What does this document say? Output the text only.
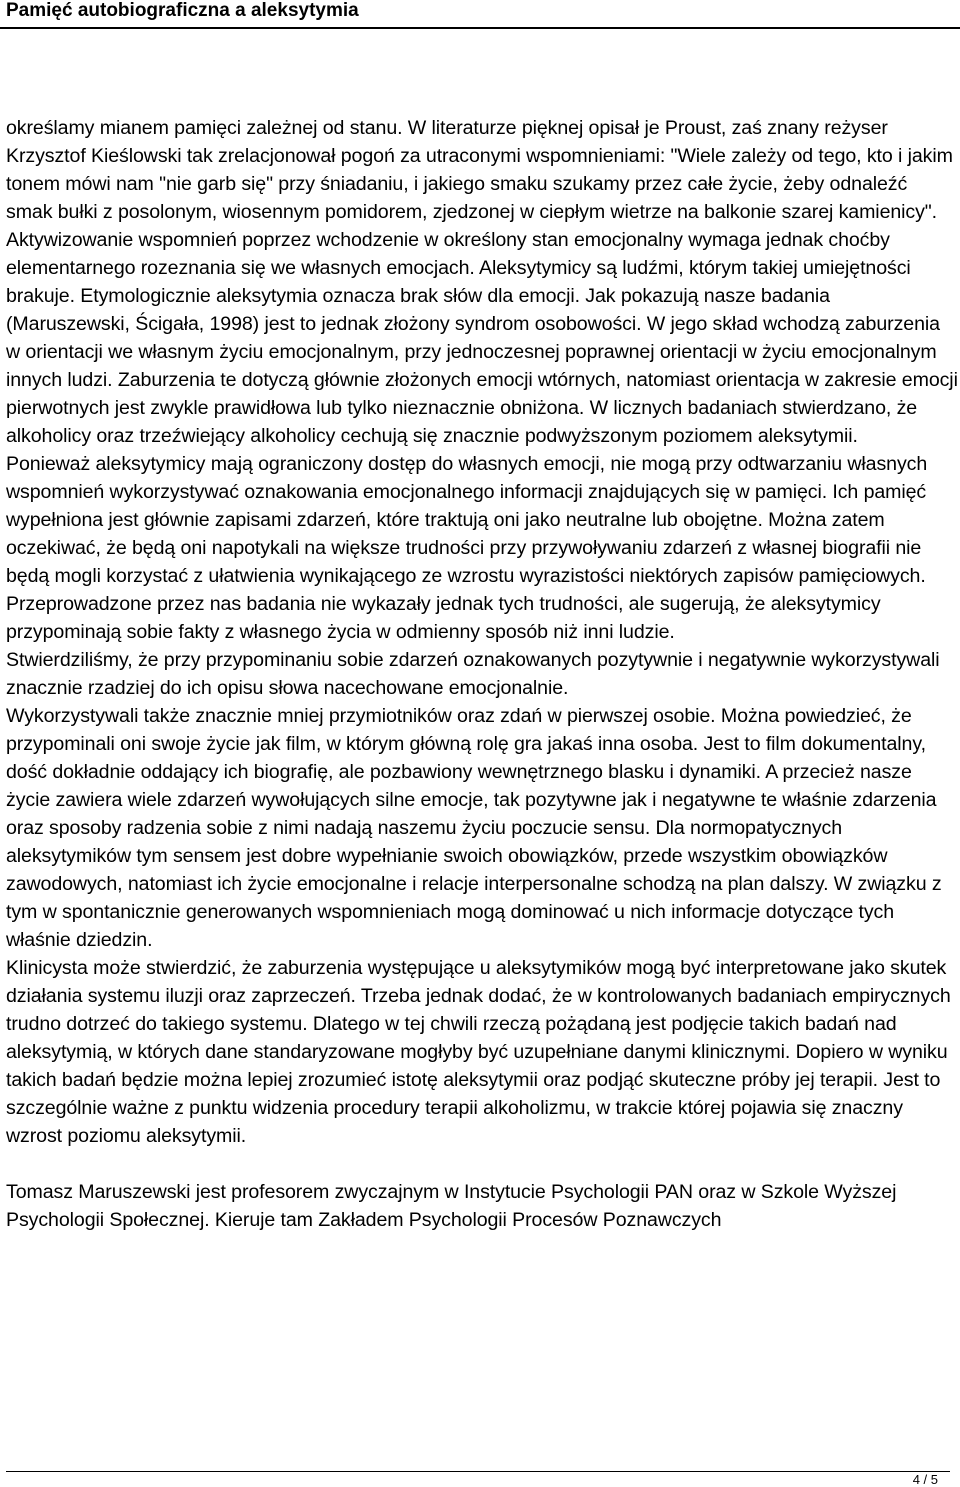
Pamięć autobiograficzna a aleksytymia

określamy mianem pamięci zależnej od stanu. W literaturze pięknej opisał je Proust, zaś znany reżyser Krzysztof Kieślowski tak zrelacjonował pogoń za utraconymi wspomnieniami: "Wiele zależy od tego, kto i jakim tonem mówi nam "nie garb się" przy śniadaniu, i jakiego smaku szukamy przez całe życie, żeby odnaleźć smak bułki z posolonym, wiosennym pomidorem, zjedzonej w ciepłym wietrze na balkonie szarej kamienicy".

Aktywizowanie wspomnień poprzez wchodzenie w określony stan emocjonalny wymaga jednak choćby elementarnego rozeznania się we własnych emocjach. Aleksytymicy są ludźmi, którym takiej umiejętności brakuje. Etymologicznie aleksytymia oznacza brak słów dla emocji. Jak pokazują nasze badania (Maruszewski, Ścigała, 1998) jest to jednak złożony syndrom osobowości. W jego skład wchodzą zaburzenia w orientacji we własnym życiu emocjonalnym, przy jednoczesnej poprawnej orientacji w życiu emocjonalnym innych ludzi. Zaburzenia te dotyczą głównie złożonych emocji wtórnych, natomiast orientacja w zakresie emocji pierwotnych jest zwykle prawidłowa lub tylko nieznacznie obniżona. W licznych badaniach stwierdzano, że alkoholicy oraz trzeźwiejący alkoholicy cechują się znacznie podwyższonym poziomem aleksytymii.

Ponieważ aleksytymicy mają ograniczony dostęp do własnych emocji, nie mogą przy odtwarzaniu własnych wspomnień wykorzystywać oznakowania emocjonalnego informacji znajdujących się w pamięci. Ich pamięć wypełniona jest głównie zapisami zdarzeń, które traktują oni jako neutralne lub obojętne. Można zatem oczekiwać, że będą oni napotykali na większe trudności przy przywoływaniu zdarzeń z własnej biografii nie będą mogli korzystać z ułatwienia wynikającego ze wzrostu wyrazistości niektórych zapisów pamięciowych.

Przeprowadzone przez nas badania nie wykazały jednak tych trudności, ale sugerują, że aleksytymicy przypominają sobie fakty z własnego życia w odmienny sposób niż inni ludzie.

Stwierdziliśmy, że przy przypominaniu sobie zdarzeń oznakowanych pozytywnie i negatywnie wykorzystywali znacznie rzadziej do ich opisu słowa nacechowane emocjonalnie.

Wykorzystywali także znacznie mniej przymiotników oraz zdań w pierwszej osobie. Można powiedzieć, że przypominali oni swoje życie jak film, w którym główną rolę gra jakaś inna osoba. Jest to film dokumentalny, dość dokładnie oddający ich biografię, ale pozbawiony wewnętrznego blasku i dynamiki. A przecież nasze życie zawiera wiele zdarzeń wywołujących silne emocje, tak pozytywne jak i negatywne te właśnie zdarzenia oraz sposoby radzenia sobie z nimi nadają naszemu życiu poczucie sensu. Dla normopatycznych aleksytymików tym sensem jest dobre wypełnianie swoich obowiązków, przede wszystkim obowiązków zawodowych, natomiast ich życie emocjonalne i relacje interpersonalne schodzą na plan dalszy. W związku z tym w spontanicznie generowanych wspomnieniach mogą dominować u nich informacje dotyczące tych właśnie dziedzin.

Klinicysta może stwierdzić, że zaburzenia występujące u aleksytymików mogą być interpretowane jako skutek działania systemu iluzji oraz zaprzeczeń. Trzeba jednak dodać, że w kontrolowanych badaniach empirycznych trudno dotrzeć do takiego systemu. Dlatego w tej chwili rzeczą pożądaną jest podjęcie takich badań nad aleksytymią, w których dane standaryzowane mogłyby być uzupełniane danymi klinicznymi. Dopiero w wyniku takich badań będzie można lepiej zrozumieć istotę aleksytymii oraz podjąć skuteczne próby jej terapii. Jest to szczególnie ważne z punktu widzenia procedury terapii alkoholizmu, w trakcie której pojawia się znaczny wzrost poziomu aleksytymii.

Tomasz Maruszewski jest profesorem zwyczajnym w Instytucie Psychologii PAN oraz w Szkole Wyższej Psychologii Społecznej. Kieruje tam Zakładem Psychologii Procesów Poznawczych

4 / 5
